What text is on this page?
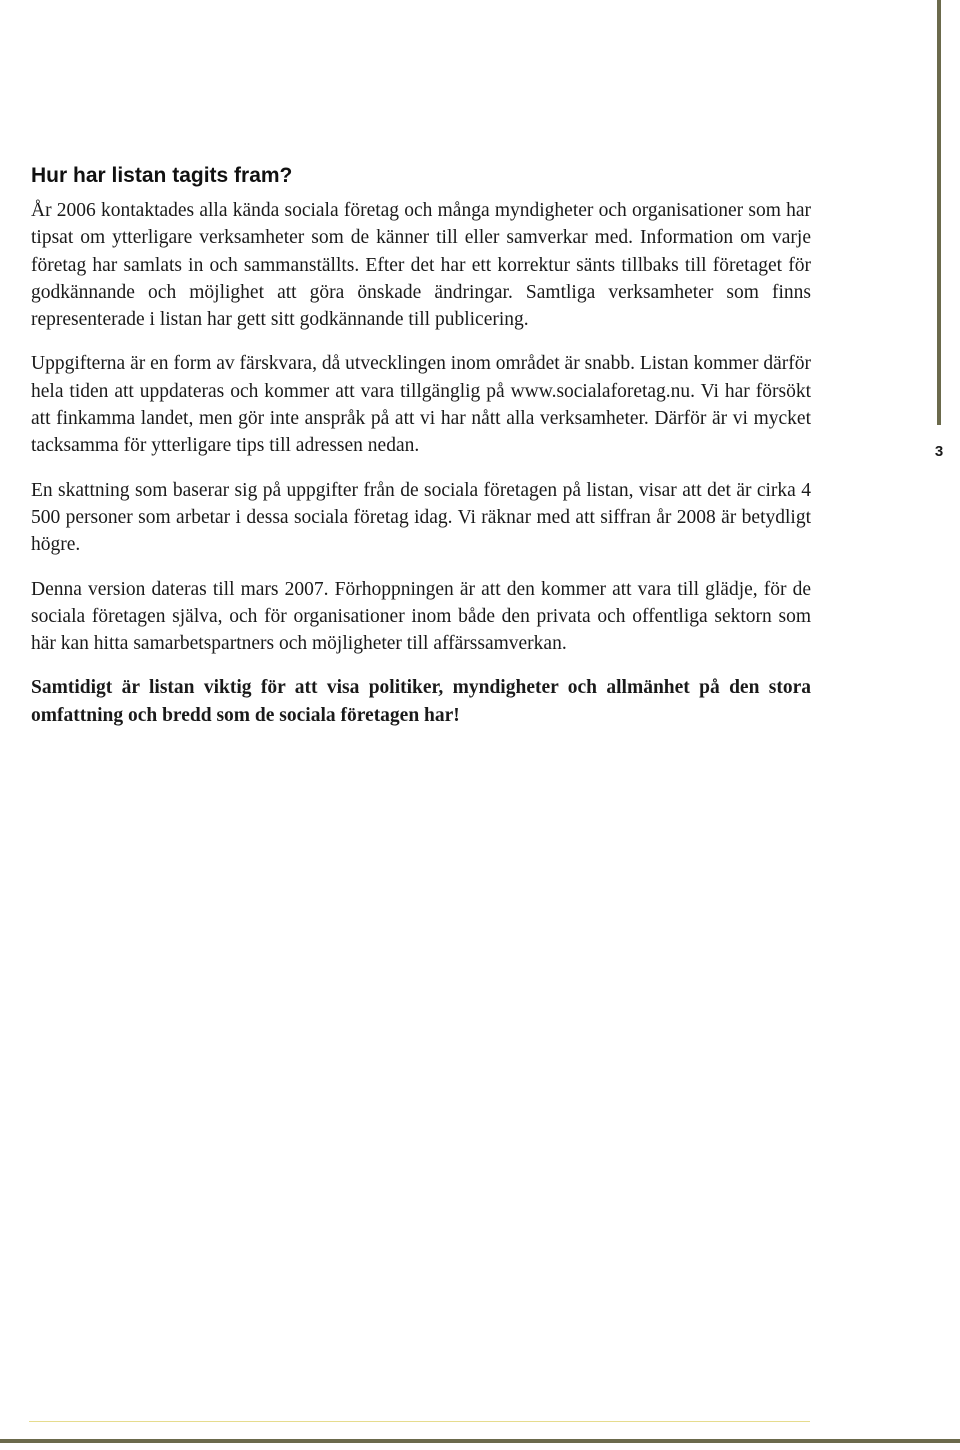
3
Hur har listan tagits fram?

År 2006 kontaktades alla kända sociala företag och många myndigheter och organisationer som har tipsat om ytterligare verksamheter som de känner till eller samverkar med. Information om varje företag har samlats in och sammanställts. Efter det har ett korrektur sänts tillbaks till företaget för godkännande och möjlighet att göra önskade ändringar. Samtliga verksamheter som finns representerade i listan har gett sitt godkännande till publicering.

Uppgifterna är en form av färskvara, då utvecklingen inom området är snabb. Listan kommer därför hela tiden att uppdateras och kommer att vara tillgänglig på www.socialaforetag.nu. Vi har försökt att finkamma landet, men gör inte anspråk på att vi har nått alla verksamheter. Därför är vi mycket tacksamma för ytterligare tips till adressen nedan.

En skattning som baserar sig på uppgifter från de sociala företagen på listan, visar att det är cirka 4 500 personer som arbetar i dessa sociala företag idag. Vi räknar med att siffran år 2008 är betydligt högre.

Denna version dateras till mars 2007. Förhoppningen är att den kommer att vara till glädje, för de sociala företagen själva, och för organisationer inom både den privata och offentliga sektorn som här kan hitta samarbetspartners och möjligheter till affärssamverkan.

Samtidigt är listan viktig för att visa politiker, myndigheter och allmänhet på den stora omfattning och bredd som de sociala företagen har!
